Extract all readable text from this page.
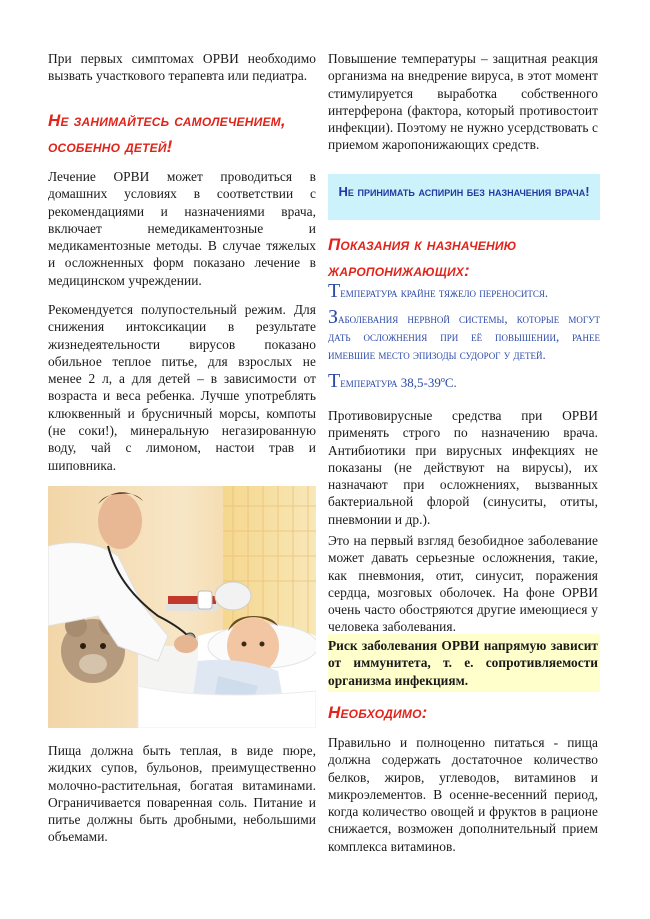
При первых симптомах ОРВИ необходимо вызвать участкового терапевта или педиатра.

Не занимайтесь самолечением, особенно детей!

Лечение ОРВИ может проводиться в домашних условиях в соответствии с рекомендациями и назначениями врача, включает немедикаментозные и медикаментозные методы. В случае тяжелых и осложненных форм показано лечение в медицинском учреждении.

Рекомендуется полупостельный режим. Для снижения интоксикации в результате жизнедеятельности вирусов показано обильное теплое питье, для взрослых не менее 2 л, а для детей – в зависимости от возраста и веса ребенка. Лучше употреблять клюквенный и брусничный морсы, компоты (не соки!), минеральную негазированную воду, чай с лимоном, настои трав и шиповника.

Пища должна быть теплая, в виде пюре, жидких супов, бульонов, преимущественно молочно-растительная, богатая витаминами. Ограничивается поваренная соль. Питание и питье должны быть дробными, небольшими объемами.

Повышение температуры – защитная реакция организма на внедрение вируса, в этот момент стимулируется выработка собственного интерферона (фактора, который противостоит инфекции). Поэтому не нужно усердствовать с приемом жаропонижающих средств.

Не принимать аспирин без назначения врача!
Показания к назначению жаропонижающих:

Температура крайне тяжело переносится.

Заболевания нервной системы, которые могут дать осложнения при её повышении, ранее имевшие место эпизоды судорог у детей.

Температура 38,5-39ºС.

Противовирусные средства при ОРВИ применять строго по назначению врача. Антибиотики при вирусных инфекциях не показаны (не действуют на вирусы), их назначают при осложнениях, вызванных бактериальной флорой (синуситы, отиты, пневмонии и др.).

Это на первый взгляд безобидное заболевание может давать серьезные осложнения, такие, как пневмония, отит, синусит, поражения сердца, мозговых оболочек. На фоне ОРВИ очень часто обостряются другие имеющиеся у человека заболевания.

Риск заболевания ОРВИ напрямую зависит от иммунитета, т. е. сопротивляемости организма инфекциям.

Необходимо:

Правильно и полноценно питаться - пища должна содержать достаточное количество белков, жиров, углеводов, витаминов и микроэлементов. В осенне-весенний период, когда количество овощей и фруктов в рационе снижается, возможен дополнительный прием комплекса витаминов.
